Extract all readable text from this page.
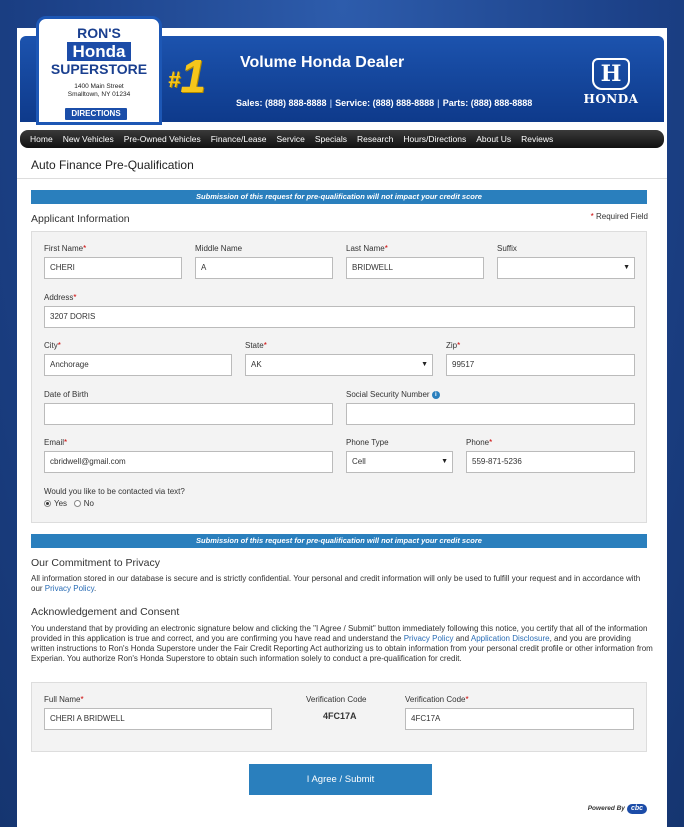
RON'S
Honda
SUPERSTORE
1400 Main Street
Smalltown, NY 01234
DIRECTIONS
#1 Volume Honda Dealer
Sales: (888) 888-8888 | Service: (888) 888-8888 | Parts: (888) 888-8888
H
HONDA
Home New Vehicles Pre-Owned Vehicles Finance/Lease Service Specials Research Hours/Directions About Us Reviews
Auto Finance Pre-Qualification
Submission of this request for pre-qualification will not impact your credit score
Applicant Information	* Required Field
First Name*
CHERI
Middle Name
A
Last Name*
BRIDWELL
Suffix
▼
Address*
3207 DORIS
City*
Anchorage
State*
AK ▼
Zip*
99517
Date of Birth	Social Security Number i
Email*
cbridwell@gmail.com
Phone Type
Cell ▼
Phone*
559-871-5236
Would you like to be contacted via text?
Yes No
Submission of this request for pre-qualification will not impact your credit score
Our Commitment to Privacy
All information stored in our database is secure and is strictly confidential. Your personal and credit information will only be used to fulfill your request and in accordance with our Privacy Policy.
Acknowledgement and Consent
You understand that by providing an electronic signature below and clicking the "I Agree / Submit" button immediately following this notice, you certify that all of the information provided in this application is true and correct, and you are confirming you have read and understand the Privacy Policy and Application Disclosure, and you are providing written instructions to Ron's Honda Superstore under the Fair Credit Reporting Act authorizing us to obtain information from your personal credit profile or other information from Experian. You authorize Ron's Honda Superstore to obtain such information solely to conduct a pre-qualification for credit.
Full Name*
CHERI A BRIDWELL
Verification Code
4FC17A
Verification Code*
4FC17A
I Agree / Submit
Powered By cbc
